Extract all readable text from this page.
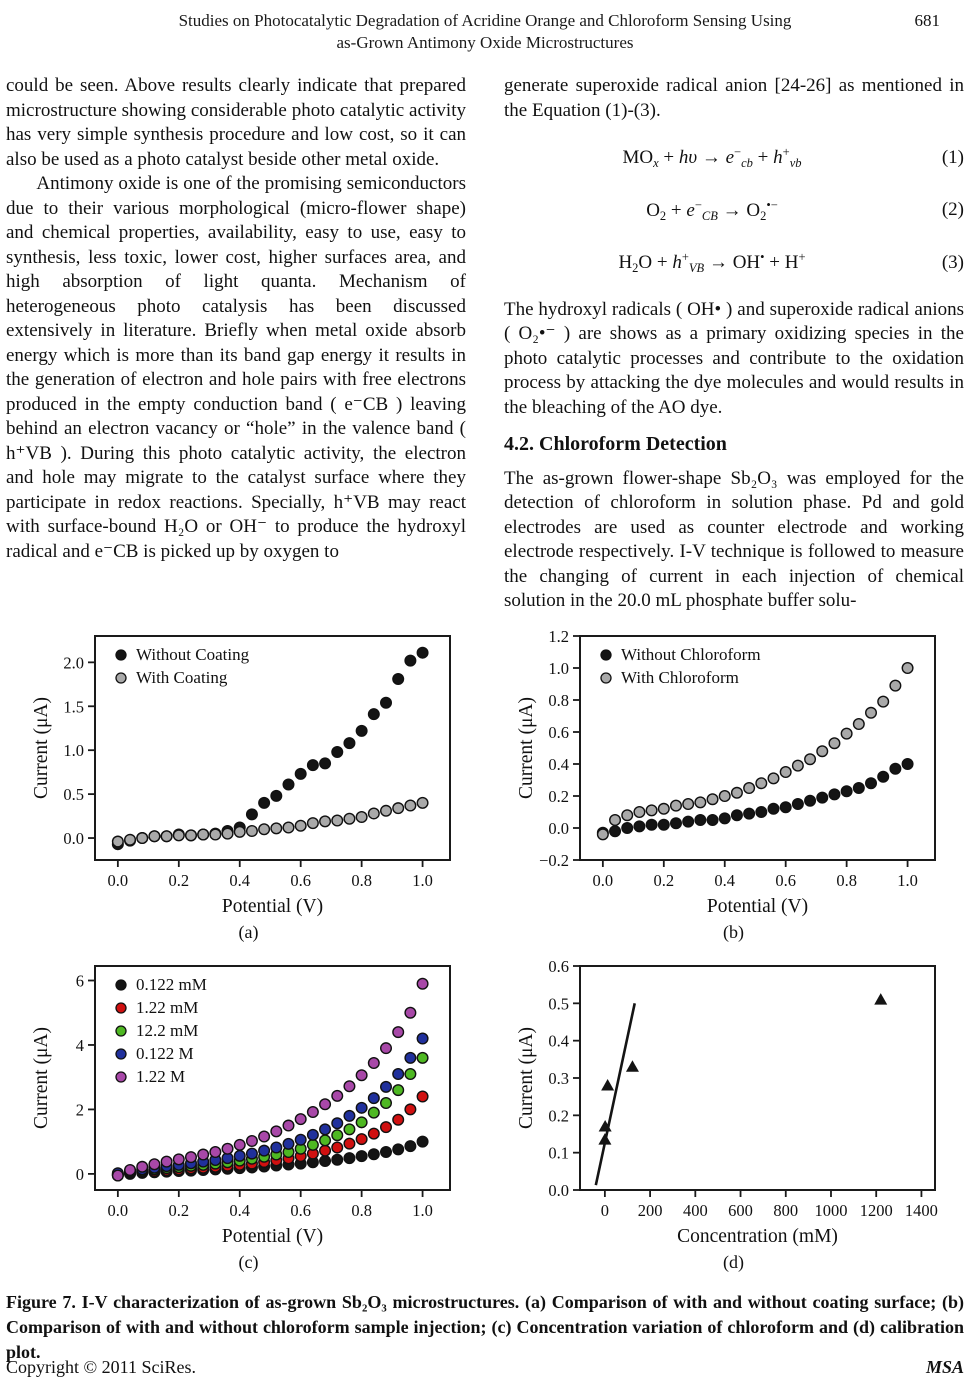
Studies on Photocatalytic Degradation of Acridine Orange and Chloroform Sensing Using
as-Grown Antimony Oxide Microstructures
681

could be seen. Above results clearly indicate that prepared microstructure showing considerable photo catalytic activity has very simple synthesis procedure and low cost, so it can also be used as a photo catalyst beside other metal oxide.

Antimony oxide is one of the promising semiconductors due to their various morphological (micro-flower shape) and chemical properties, availability, easy to use, easy to synthesis, less toxic, lower cost, higher surfaces area, and high absorption of light quanta. Mechanism of heterogeneous photo catalysis has been discussed extensively in literature. Briefly when metal oxide absorb energy which is more than its band gap energy it results in the generation of electron and hole pairs with free electrons produced in the empty conduction band ( e⁻CB ) leaving behind an electron vacancy or “hole” in the valence band ( h⁺VB ). During this photo catalytic activity, the electron and hole may migrate to the catalyst surface where they participate in redox reactions. Specially, h⁺VB may react with surface-bound H₂O or OH⁻ to produce the hydroxyl radical and e⁻CB is picked up by oxygen to

generate superoxide radical anion [24-26] as mentioned in the Equation (1)-(3).

$MO_x + h\upsilon \to e^-_{cb} + h^+_{vb}$	(1)
$O_2 + e^-_{CB} \to O_2^{•-}$	(2)
$H_2O + h^+_{VB} \to OH^• + H^+$	(3)

The hydroxyl radicals ( OH• ) and superoxide radical anions ( O₂•⁻ ) are shows as a primary oxidizing species in the photo catalytic processes and contribute to the oxidation process by attacking the dye molecules and would results in the bleaching of the AO dye.

4.2. Chloroform Detection

The as-grown flower-shape Sb₂O₃ was employed for the detection of chloroform in solution phase. Pd and gold electrodes are used as counter electrode and working electrode respectively. I-V technique is followed to measure the changing of current in each injection of chemical solution in the 20.0 mL phosphate buffer solu-

0.0 0.2 0.4 0.6 0.8 1.0
0.0
0.5
1.0
1.5
2.0
Potential (V)
Current (μA)
Without Coating
With Coating
(a)
0.0 0.2 0.4 0.6 0.8 1.0
−0.2
0.0
0.2
0.4
0.6
0.8
1.0
1.2
Potential (V)
Current (μA)
Without Chloroform
With Chloroform
(b)
0.0 0.2 0.4 0.6 0.8 1.0
0
2
4
6
Potential (V)
Current (μA)
0.122 mM
1.22 mM
12.2 mM
0.122 M
1.22 M
(c)
0 200 400 600 800 1000 1200 1400
0.0
0.1
0.2
0.3
0.4
0.5
0.6
Concentration (mM)
Current (μA)
(d)
Figure 7. I-V characterization of as-grown Sb₂O₃ microstructures. (a) Comparison of with and without coating surface; (b) Comparison of with and without chloroform sample injection; (c) Concentration variation of chloroform and (d) calibration plot.
Copyright © 2011 SciRes.	MSA
